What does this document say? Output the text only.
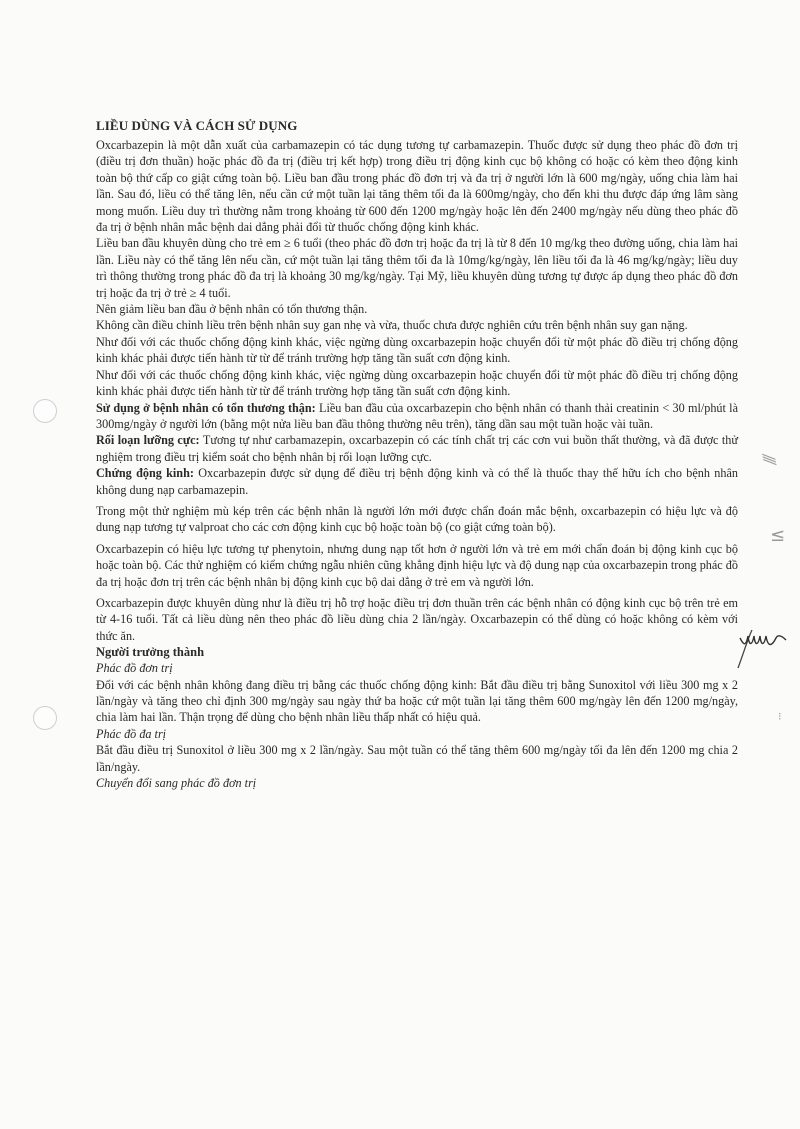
⁄⁄⁄
≤
⁝
LIỀU DÙNG VÀ CÁCH SỬ DỤNG

Oxcarbazepin là một dẫn xuất của carbamazepin có tác dụng tương tự carbamazepin. Thuốc được sử dụng theo phác đồ đơn trị (điều trị đơn thuần) hoặc phác đồ đa trị (điều trị kết hợp) trong điều trị động kinh cục bộ không có hoặc có kèm theo động kinh toàn bộ thứ cấp co giật cứng toàn bộ. Liều ban đầu trong phác đồ đơn trị và đa trị ở người lớn là 600 mg/ngày, uống chia làm hai lần. Sau đó, liều có thể tăng lên, nếu cần cứ một tuần lại tăng thêm tối đa là 600mg/ngày, cho đến khi thu được đáp ứng lâm sàng mong muốn. Liều duy trì thường nằm trong khoảng từ 600 đến 1200 mg/ngày hoặc lên đến 2400 mg/ngày nếu dùng theo phác đồ đa trị ở bệnh nhân mắc bệnh dai dẳng phải đổi từ thuốc chống động kinh khác.

Liều ban đầu khuyên dùng cho trẻ em ≥ 6 tuổi (theo phác đồ đơn trị hoặc đa trị là từ 8 đến 10 mg/kg theo đường uống, chia làm hai lần. Liều này có thể tăng lên nếu cần, cứ một tuần lại tăng thêm tối đa là 10mg/kg/ngày, lên liều tối đa là 46 mg/kg/ngày; liều duy trì thông thường trong phác đồ đa trị là khoảng 30 mg/kg/ngày. Tại Mỹ, liều khuyên dùng tương tự được áp dụng theo phác đồ đơn trị hoặc đa trị ở trẻ ≥ 4 tuổi.

Nên giảm liều ban đầu ở bệnh nhân có tổn thương thận.

Không cần điều chỉnh liều trên bệnh nhân suy gan nhẹ và vừa, thuốc chưa được nghiên cứu trên bệnh nhân suy gan nặng.

Như đối với các thuốc chống động kinh khác, việc ngừng dùng oxcarbazepin hoặc chuyển đổi từ một phác đồ điều trị chống động kinh khác phải được tiến hành từ từ để tránh trường hợp tăng tần suất cơn động kinh.

Như đối với các thuốc chống động kinh khác, việc ngừng dùng oxcarbazepin hoặc chuyển đổi từ một phác đồ điều trị chống động kinh khác phải được tiến hành từ từ để tránh trường hợp tăng tần suất cơn động kinh.

Sử dụng ở bệnh nhân có tổn thương thận: Liều ban đầu của oxcarbazepin cho bệnh nhân có thanh thải creatinin < 30 ml/phút là 300mg/ngày ở người lớn (bằng một nửa liều ban đầu thông thường nêu trên), tăng dần sau một tuần hoặc vài tuần.

Rối loạn lưỡng cực: Tương tự như carbamazepin, oxcarbazepin có các tính chất trị các cơn vui buồn thất thường, và đã được thử nghiệm trong điều trị kiểm soát cho bệnh nhân bị rối loạn lưỡng cực.

Chứng động kinh: Oxcarbazepin được sử dụng để điều trị bệnh động kinh và có thể là thuốc thay thế hữu ích cho bệnh nhân không dung nạp carbamazepin.

Trong một thử nghiệm mù kép trên các bệnh nhân là người lớn mới được chẩn đoán mắc bệnh, oxcarbazepin có hiệu lực và độ dung nạp tương tự valproat cho các cơn động kinh cục bộ hoặc toàn bộ (co giật cứng toàn bộ).

Oxcarbazepin có hiệu lực tương tự phenytoin, nhưng dung nạp tốt hơn ở người lớn và trẻ em mới chẩn đoán bị động kinh cục bộ hoặc toàn bộ. Các thử nghiệm có kiểm chứng ngẫu nhiên cũng khẳng định hiệu lực và độ dung nạp của oxcarbazepin trong phác đồ đa trị hoặc đơn trị trên các bệnh nhân bị động kinh cục bộ dai dẳng ở trẻ em và người lớn.

Oxcarbazepin được khuyên dùng như là điều trị hỗ trợ hoặc điều trị đơn thuần trên các bệnh nhân có động kinh cục bộ trên trẻ em từ 4-16 tuổi. Tất cả liều dùng nên theo phác đồ liều dùng chia 2 lần/ngày. Oxcarbazepin có thể dùng có hoặc không có kèm với thức ăn.

Người trưởng thành
Phác đồ đơn trị

Đối với các bệnh nhân không đang điều trị bằng các thuốc chống động kinh: Bắt đầu điều trị bằng Sunoxitol với liều 300 mg x 2 lần/ngày và tăng theo chỉ định 300 mg/ngày sau ngày thứ ba hoặc cứ một tuần lại tăng thêm 600 mg/ngày lên đến 1200 mg/ngày, chia làm hai lần. Thận trọng để dùng cho bệnh nhân liều thấp nhất có hiệu quả.

Phác đồ đa trị

Bắt đầu điều trị Sunoxitol ở liều 300 mg x 2 lần/ngày. Sau một tuần có thể tăng thêm 600 mg/ngày tối đa lên đến 1200 mg chia 2 lần/ngày.

Chuyển đổi sang phác đồ đơn trị
